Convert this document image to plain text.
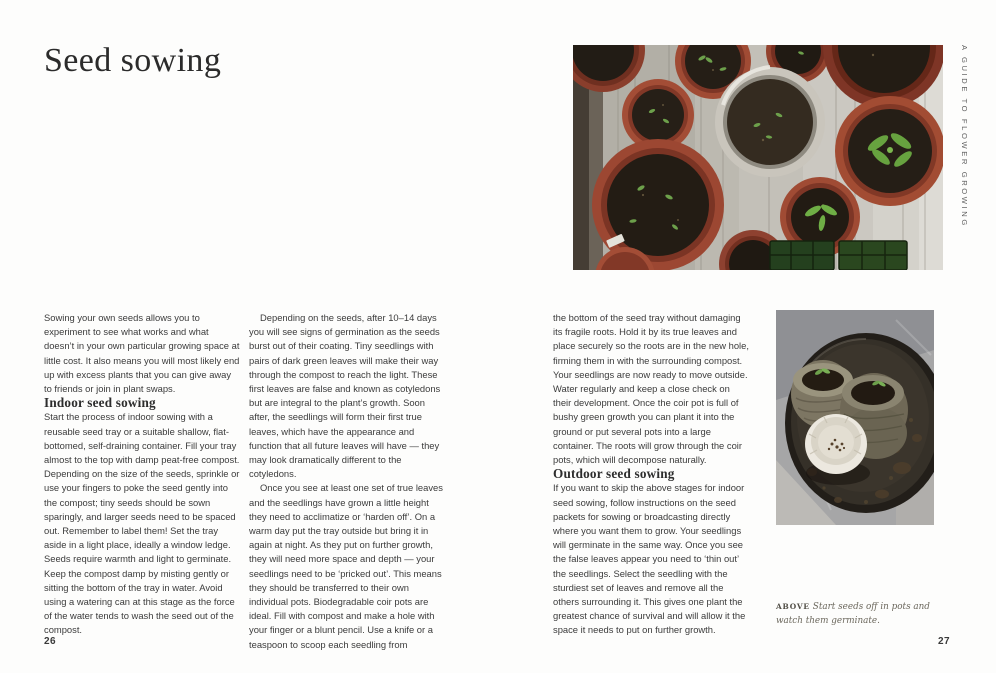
Seed sowing	A GUIDE TO FLOWER GROWING

Sowing your own seeds allows you to experiment to see what works and what doesn’t in your own particular growing space at little cost. It also means you will most likely end up with excess plants that you can give away to friends or join in plant swaps.

Indoor seed sowing

Start the process of indoor sowing with a reusable seed tray or a suitable shallow, flat-bottomed, self-draining container. Fill your tray almost to the top with damp peat-free compost. Depending on the size of the seeds, sprinkle or use your fingers to poke the seed gently into the compost; tiny seeds should be sown sparingly, and larger seeds need to be spaced out. Remember to label them! Set the tray aside in a light place, ideally a window ledge. Seeds require warmth and light to germinate. Keep the compost damp by misting gently or sitting the bottom of the tray in water. Avoid using a watering can at this stage as the force of the water tends to wash the seed out of the compost.

Depending on the seeds, after 10–14 days you will see signs of germination as the seeds burst out of their coating. Tiny seedlings with pairs of dark green leaves will make their way through the compost to reach the light. These first leaves are false and known as cotyledons but are integral to the plant’s growth. Soon after, the seedlings will form their first true leaves, which have the appearance and function that all future leaves will have — they may look dramatically different to the cotyledons.

Once you see at least one set of true leaves and the seedlings have grown a little height they need to acclimatize or ‘harden off’. On a warm day put the tray outside but bring it in again at night. As they put on further growth, they will need more space and depth — your seedlings need to be ‘pricked out’. This means they should be transferred to their own individual pots. Biodegradable coir pots are ideal. Fill with compost and make a hole with your finger or a blunt pencil. Use a knife or a teaspoon to scoop each seedling from

the bottom of the seed tray without damaging its fragile roots. Hold it by its true leaves and place securely so the roots are in the new hole, firming them in with the surrounding compost. Your seedlings are now ready to move outside. Water regularly and keep a close check on their development. Once the coir pot is full of bushy green growth you can plant it into the ground or put several pots into a large container. The roots will grow through the coir pots, which will decompose naturally.

Outdoor seed sowing

If you want to skip the above stages for indoor seed sowing, follow instructions on the seed packets for sowing or broadcasting directly where you want them to grow. Your seedlings will germinate in the same way. Once you see the false leaves appear you need to ‘thin out’ the seedlings. Select the seedling with the sturdiest set of leaves and remove all the others surrounding it. This gives one plant the greatest chance of survival and will allow it the space it needs to put on further growth.

ABOVE Start seeds off in pots and watch them germinate.
26	27
